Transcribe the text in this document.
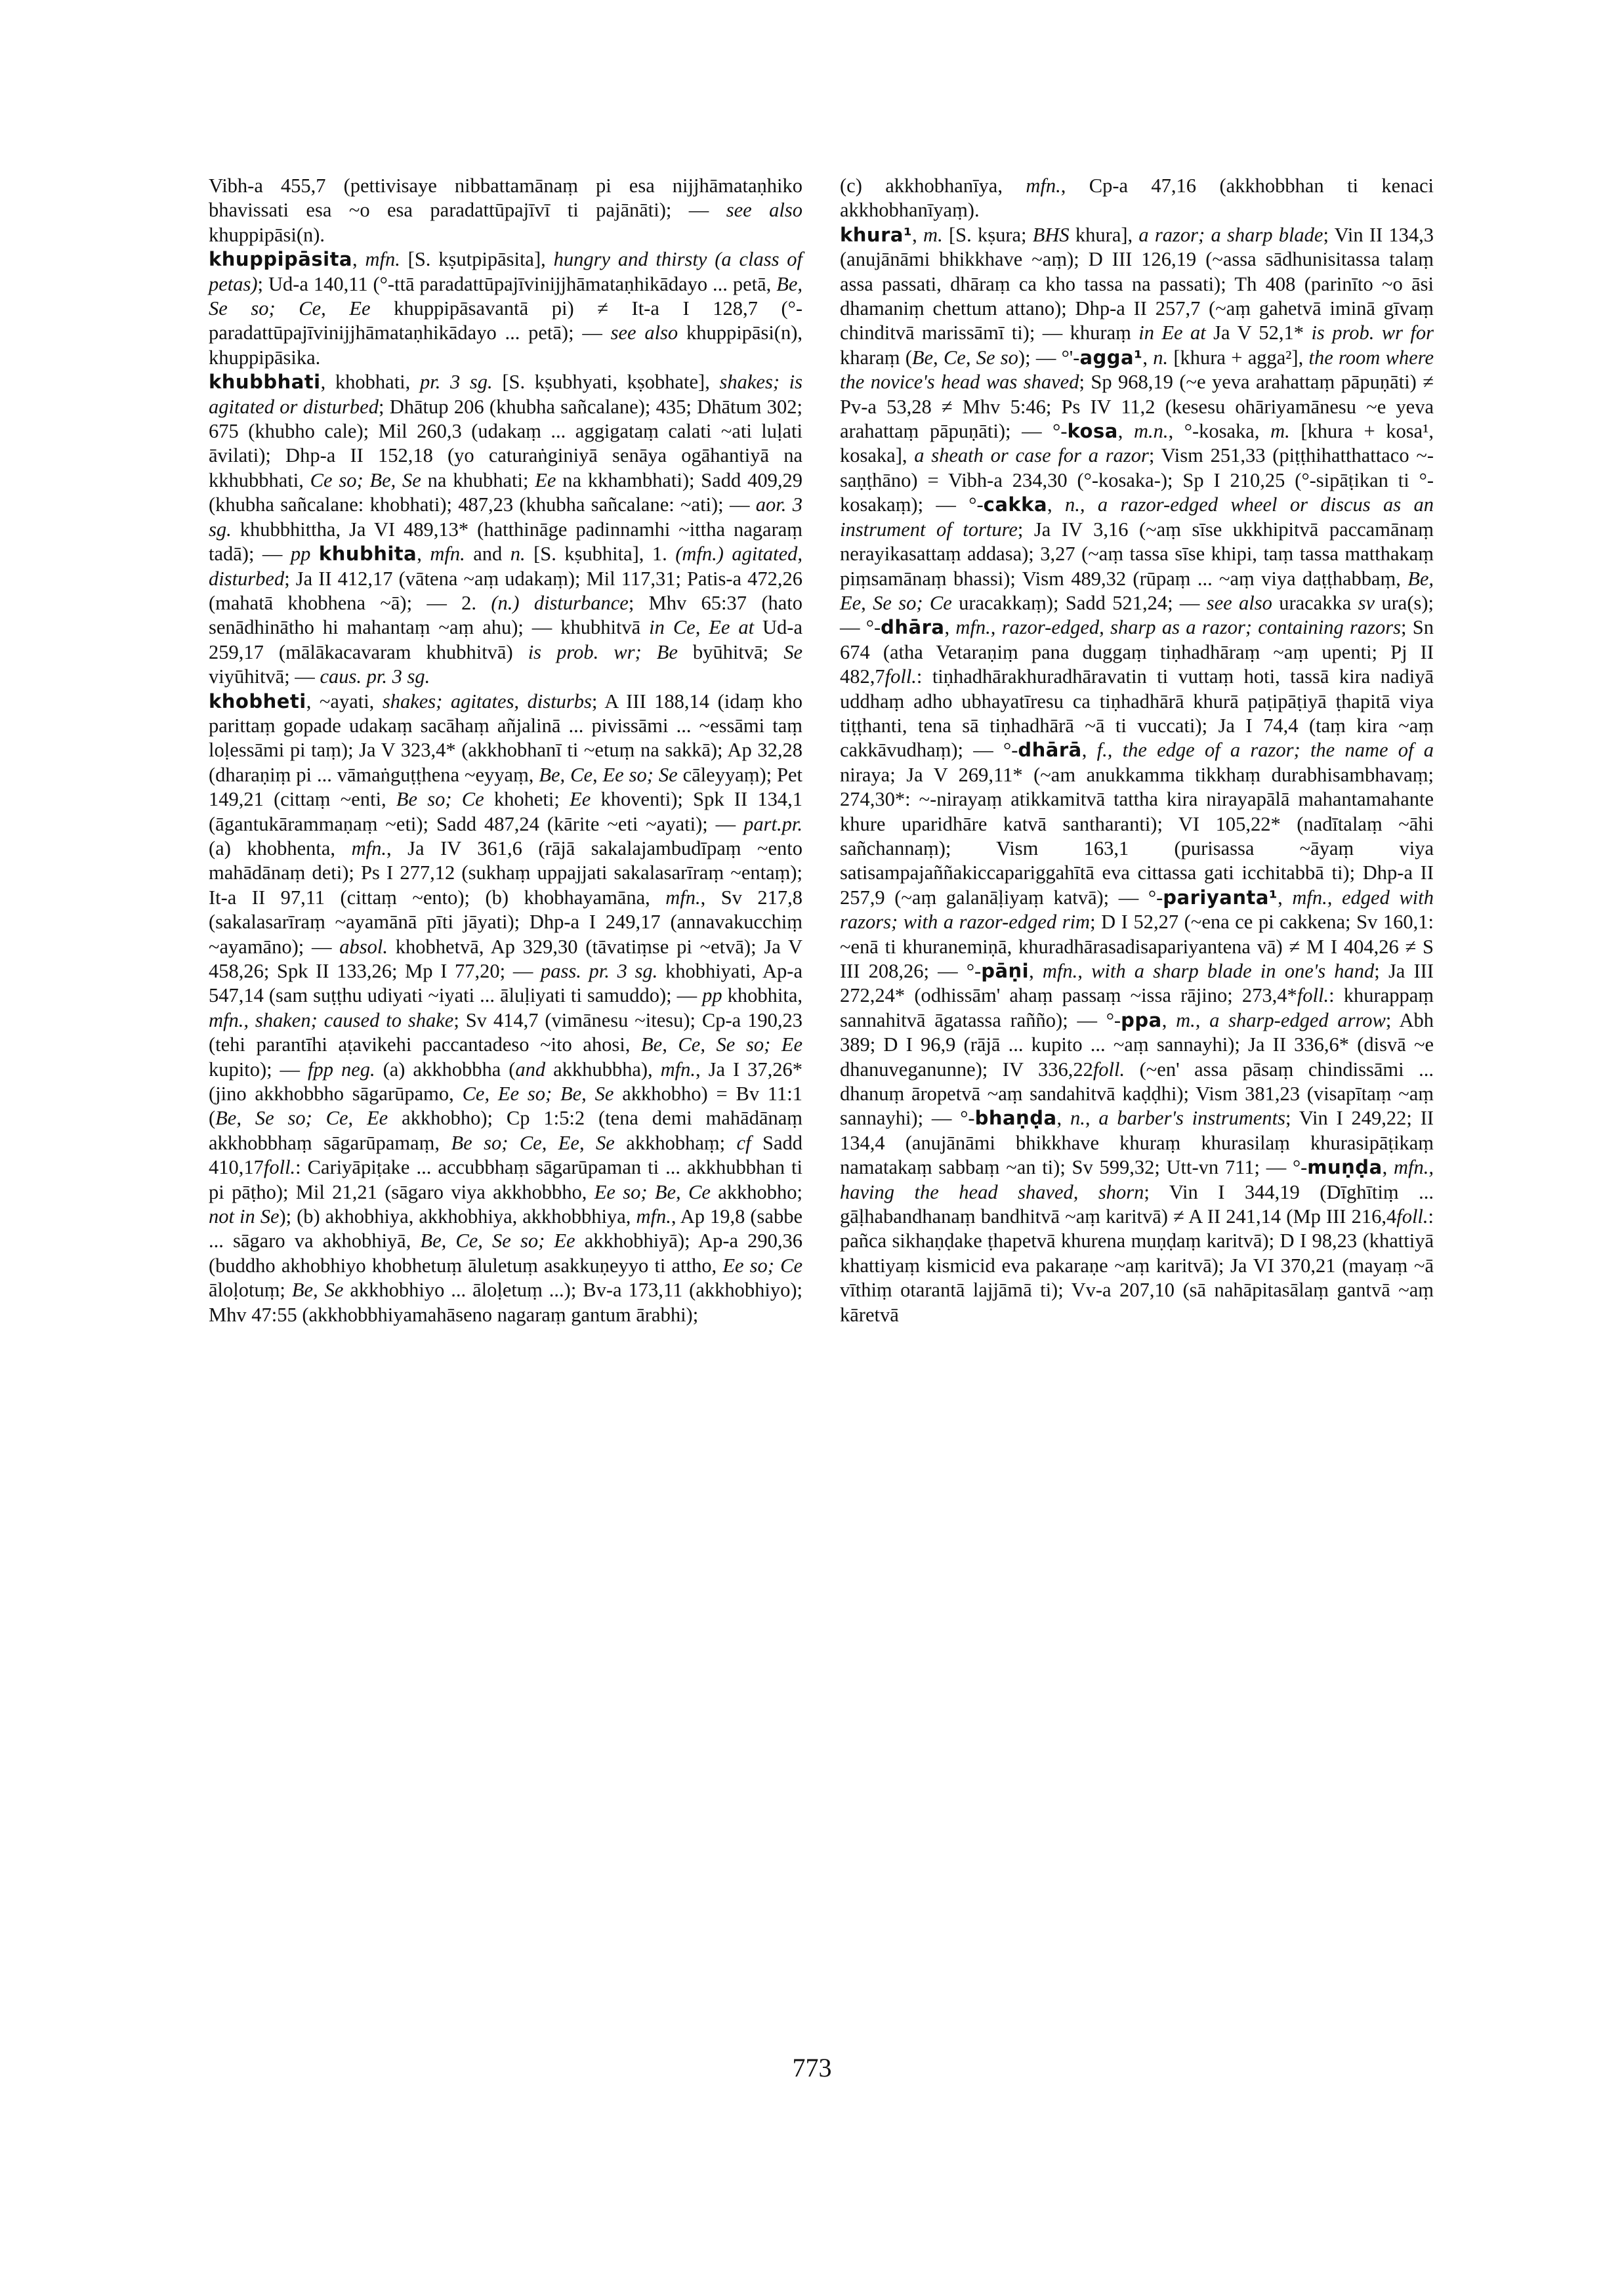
Vibh-a 455,7 (pettivisaye nibbattamānaṃ pi esa nijjhāmataṇhiko bhavissati esa ~o esa paradattūpajīvī ti pajānāti); — see also khuppipāsi(n).

khuppipāsita, mfn. [S. kṣutpipāsita], hungry and thirsty (a class of petas); Ud-a 140,11 (°-ttā paradattūpajīvinijjhāmataṇhikādayo ... petā, Be, Se so; Ce, Ee khuppipāsavantā pi) ≠ It-a I 128,7 (°-paradattūpajīvinijjhāmataṇhikādayo ... petā); — see also khuppipāsi(n), khuppipāsika.

khubbhati, khobhati, pr. 3 sg. [S. kṣubhyati, kṣobhate], shakes; is agitated or disturbed; Dhātup 206 (khubha sañcalane); 435; Dhātum 302; 675 (khubho cale); Mil 260,3 (udakaṃ ... aggigataṃ calati ~ati luḷati āvilati); Dhp-a II 152,18 (yo caturaṅginiyā senāya ogāhantiyā na kkhubbhati, Ce so; Be, Se na khubhati; Ee na kkhambhati); Sadd 409,29 (khubha sañcalane: khobhati); 487,23 (khubha sañcalane: ~ati); — aor. 3 sg. khubbhittha, Ja VI 489,13* (hatthināge padinnamhi ~ittha nagaraṃ tadā); — pp khubhita, mfn. and n. [S. kṣubhita], 1. (mfn.) agitated, disturbed; Ja II 412,17 (vātena ~aṃ udakaṃ); Mil 117,31; Patis-a 472,26 (mahatā khobhena ~ā); — 2. (n.) disturbance; Mhv 65:37 (hato senādhinātho hi mahantaṃ ~aṃ ahu); — khubhitvā in Ce, Ee at Ud-a 259,17 (mālākacavaram khubhitvā) is prob. wr; Be byūhitvā; Se viyūhitvā; — caus. pr. 3 sg.

khobheti, ~ayati, shakes; agitates, disturbs; A III 188,14 (idaṃ kho parittaṃ gopade udakaṃ sacāhaṃ añjalinā ... pivissāmi ... ~essāmi taṃ loḷessāmi pi taṃ); Ja V 323,4* (akkhobhanī ti ~etuṃ na sakkā); Ap 32,28 (dharaṇiṃ pi ... vāmaṅguṭṭhena ~eyyaṃ, Be, Ce, Ee so; Se cāleyyaṃ); Pet 149,21 (cittaṃ ~enti, Be so; Ce khoheti; Ee khoventi); Spk II 134,1 (āgantukārammaṇaṃ ~eti); Sadd 487,24 (kārite ~eti ~ayati); — part.pr. (a) khobhenta, mfn., Ja IV 361,6 (rājā sakalajambudīpaṃ ~ento mahādānaṃ deti); Ps I 277,12 (sukhaṃ uppajjati sakalasarīraṃ ~entaṃ); It-a II 97,11 (cittaṃ ~ento); (b) khobhayamāna, mfn., Sv 217,8 (sakalasarīraṃ ~ayamānā pīti jāyati); Dhp-a I 249,17 (annavakucchiṃ ~ayamāno); — absol. khobhetvā, Ap 329,30 (tāvatiṃse pi ~etvā); Ja V 458,26; Spk II 133,26; Mp I 77,20; — pass. pr. 3 sg. khobhiyati, Ap-a 547,14 (sam suṭṭhu udiyati ~iyati ... āluḷiyati ti samuddo); — pp khobhita, mfn., shaken; caused to shake; Sv 414,7 (vimānesu ~itesu); Cp-a 190,23 (tehi parantīhi aṭavikehi paccantadeso ~ito ahosi, Be, Ce, Se so; Ee kupito); — fpp neg. (a) akkhobbha (and akkhubbha), mfn., Ja I 37,26* (jino akkhobbho sāgarūpamo, Ce, Ee so; Be, Se akkhobho) = Bv 11:1 (Be, Se so; Ce, Ee akkhobho); Cp 1:5:2 (tena demi mahādānaṃ akkhobbhaṃ sāgarūpamaṃ, Be so; Ce, Ee, Se akkhobhaṃ; cf Sadd 410,17foll.: Cariyāpiṭake ... accubbhaṃ sāgarūpaman ti ... akkhubbhan ti pi pāṭho); Mil 21,21 (sāgaro viya akkhobbho, Ee so; Be, Ce akkhobho; not in Se); (b) akhobhiya, akkhobhiya, akkhobbhiya, mfn., Ap 19,8 (sabbe ... sāgaro va akhobhiyā, Be, Ce, Se so; Ee akkhobhiyā); Ap-a 290,36 (buddho akhobhiyo khobhetuṃ āluletuṃ asakkuṇeyyo ti attho, Ee so; Ce āloḷotuṃ; Be, Se akkhobhiyo ... āloḷetuṃ ...); Bv-a 173,11 (akkhobhiyo); Mhv 47:55 (akkhobbhiyamahāseno nagaraṃ gantum ārabhi);

(c) akkhobhanīya, mfn., Cp-a 47,16 (akkhobbhan ti kenaci akkhobhanīyaṃ).

khura¹, m. [S. kṣura; BHS khura], a razor; a sharp blade; Vin II 134,3 (anujānāmi bhikkhave ~aṃ); D III 126,19 (~assa sādhunisitassa talaṃ assa passati, dhāraṃ ca kho tassa na passati); Th 408 (parinīto ~o āsi dhamaniṃ chettum attano); Dhp-a II 257,7 (~aṃ gahetvā iminā gīvaṃ chinditvā marissāmī ti); — khuraṃ in Ee at Ja V 52,1* is prob. wr for kharaṃ (Be, Ce, Se so); — °'-agga¹, n. [khura + agga²], the room where the novice's head was shaved; Sp 968,19 (~e yeva arahattaṃ pāpuṇāti) ≠ Pv-a 53,28 ≠ Mhv 5:46; Ps IV 11,2 (kesesu ohāriyamānesu ~e yeva arahattaṃ pāpuṇāti); — °-kosa, m.n., °-kosaka, m. [khura + kosa¹, kosaka], a sheath or case for a razor; Vism 251,33 (piṭṭhihatthattaco ~-saṇṭhāno) = Vibh-a 234,30 (°-kosaka-); Sp I 210,25 (°-sipāṭikan ti °-kosakaṃ); — °-cakka, n., a razor-edged wheel or discus as an instrument of torture; Ja IV 3,16 (~aṃ sīse ukkhipitvā paccamānaṃ nerayikasattaṃ addasa); 3,27 (~aṃ tassa sīse khipi, taṃ tassa matthakaṃ piṃsamānaṃ bhassi); Vism 489,32 (rūpaṃ ... ~aṃ viya daṭṭhabbaṃ, Be, Ee, Se so; Ce uracakkaṃ); Sadd 521,24; — see also uracakka sv ura(s); — °-dhāra, mfn., razor-edged, sharp as a razor; containing razors; Sn 674 (atha Vetaraṇiṃ pana duggaṃ tiṇhadhāraṃ ~aṃ upenti; Pj II 482,7foll.: tiṇhadhārakhuradhāravatin ti vuttaṃ hoti, tassā kira nadiyā uddhaṃ adho ubhayatīresu ca tiṇhadhārā khurā paṭipāṭiyā ṭhapitā viya tiṭṭhanti, tena sā tiṇhadhārā ~ā ti vuccati); Ja I 74,4 (taṃ kira ~aṃ cakkāvudhaṃ); — °-dhārā, f., the edge of a razor; the name of a niraya; Ja V 269,11* (~am anukkamma tikkhaṃ durabhisambhavaṃ; 274,30*: ~-nirayaṃ atikkamitvā tattha kira nirayapālā mahantamahante khure uparidhāre katvā santharanti); VI 105,22* (nadītalaṃ ~āhi sañchannaṃ); Vism 163,1 (purisassa ~āyaṃ viya satisampajaññakiccapariggahītā eva cittassa gati icchitabbā ti); Dhp-a II 257,9 (~aṃ galanāḷiyaṃ katvā); — °-pariyanta¹, mfn., edged with razors; with a razor-edged rim; D I 52,27 (~ena ce pi cakkena; Sv 160,1: ~enā ti khuranemiṇā, khuradhārasadisapariyantena vā) ≠ M I 404,26 ≠ S III 208,26; — °-pāṇi, mfn., with a sharp blade in one's hand; Ja III 272,24* (odhissām' ahaṃ passaṃ ~issa rājino; 273,4*foll.: khurappaṃ sannahitvā āgatassa rañño); — °-ppa, m., a sharp-edged arrow; Abh 389; D I 96,9 (rājā ... kupito ... ~aṃ sannayhi); Ja II 336,6* (disvā ~e dhanuveganunne); IV 336,22foll. (~en' assa pāsaṃ chindissāmi ... dhanuṃ āropetvā ~aṃ sandahitvā kaḍḍhi); Vism 381,23 (visapītaṃ ~aṃ sannayhi); — °-bhaṇḍa, n., a barber's instruments; Vin I 249,22; II 134,4 (anujānāmi bhikkhave khuraṃ khurasilaṃ khurasipāṭikaṃ namatakaṃ sabbaṃ ~an ti); Sv 599,32; Utt-vn 711; — °-muṇḍa, mfn., having the head shaved, shorn; Vin I 344,19 (Dīghītiṃ ... gāḷhabandhanaṃ bandhitvā ~aṃ karitvā) ≠ A II 241,14 (Mp III 216,4foll.: pañca sikhaṇḍake ṭhapetvā khurena muṇḍaṃ karitvā); D I 98,23 (khattiyā khattiyaṃ kismicid eva pakaraṇe ~aṃ karitvā); Ja VI 370,21 (mayaṃ ~ā vīthiṃ otarantā lajjāmā ti); Vv-a 207,10 (sā nahāpitasālaṃ gantvā ~aṃ kāretvā

773
